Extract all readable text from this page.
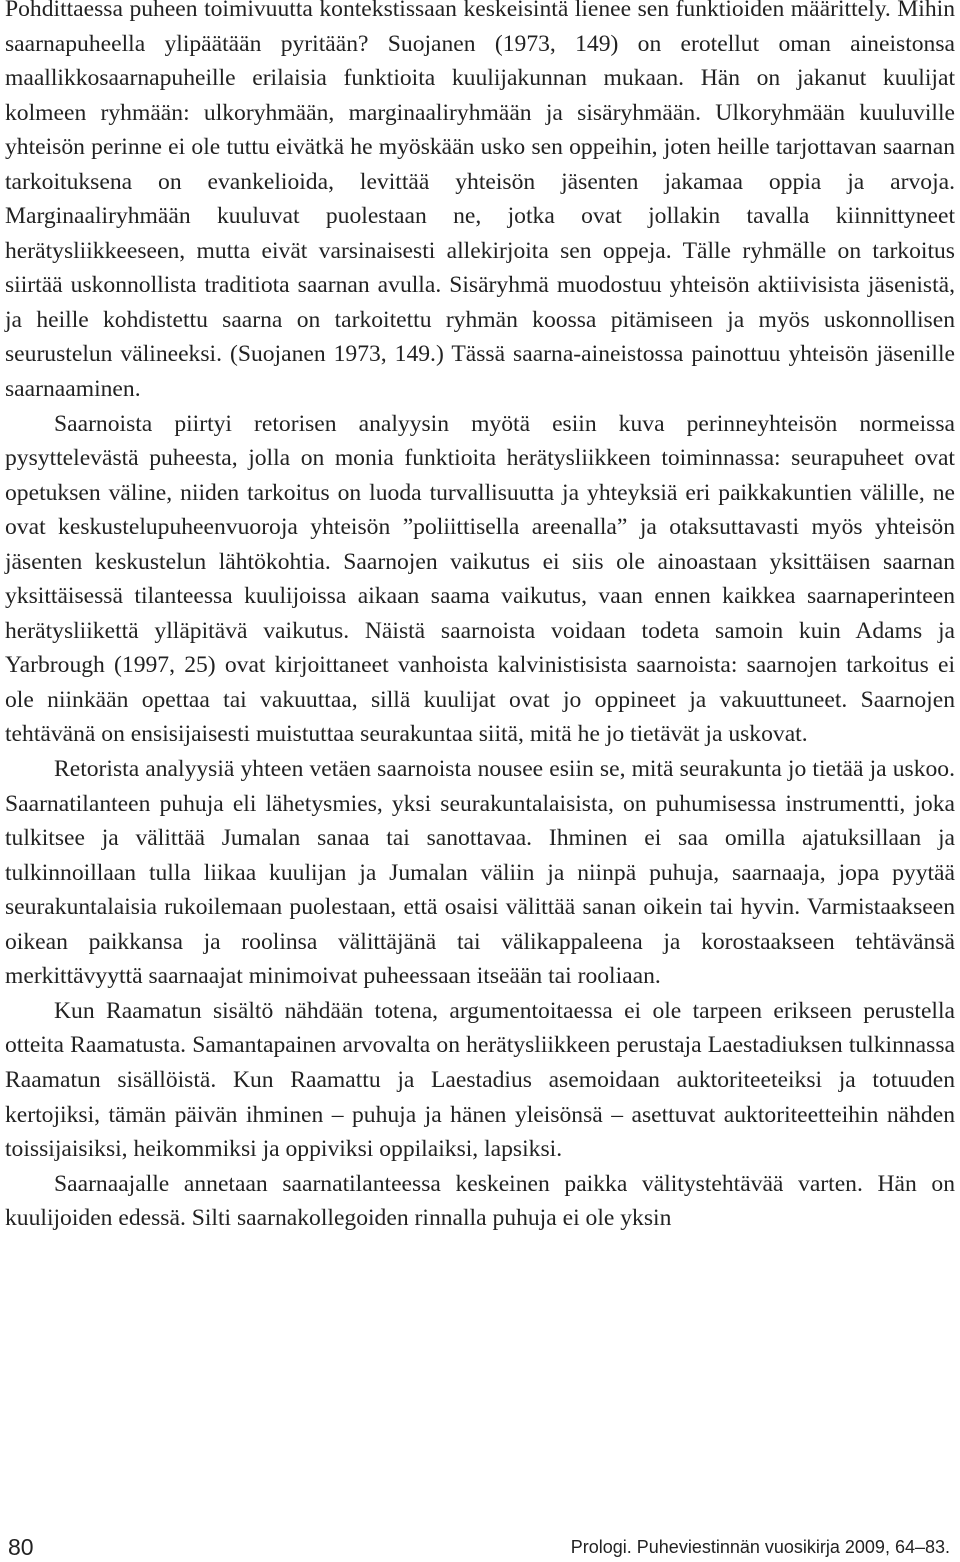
Pohdittaessa puheen toimivuutta kontekstissaan keskeisintä lienee sen funktioiden määrittely. Mihin saarnapuheella ylipäätään pyritään? Suojanen (1973, 149) on erotellut oman aineistonsa maallikkosaarnapuheille erilaisia funktioita kuulijakunnan mukaan. Hän on jakanut kuulijat kolmeen ryhmään: ulkoryhmään, marginaaliryhmään ja sisäryhmään. Ulkoryhmään kuuluville yhteisön perinne ei ole tuttu eivätkä he myöskään usko sen oppeihin, joten heille tarjottavan saarnan tarkoituksena on evankelioida, levittää yhteisön jäsenten jakamaa oppia ja arvoja. Marginaaliryhmään kuuluvat puolestaan ne, jotka ovat jollakin tavalla kiinnittyneet herätysliikkeeseen, mutta eivät varsinaisesti allekirjoita sen oppeja. Tälle ryhmälle on tarkoitus siirtää uskonnollista traditiota saarnan avulla. Sisäryhmä muodostuu yhteisön aktiivisista jäsenistä, ja heille kohdistettu saarna on tarkoitettu ryhmän koossa pitämiseen ja myös uskonnollisen seurustelun välineeksi. (Suojanen 1973, 149.) Tässä saarna-aineistossa painottuu yhteisön jäsenille saarnaaminen.

Saarnoista piirtyi retorisen analyysin myötä esiin kuva perinneyhteisön normeissa pysyttelevästä puheesta, jolla on monia funktioita herätysliikkeen toiminnassa: seurapuheet ovat opetuksen väline, niiden tarkoitus on luoda turvallisuutta ja yhteyksiä eri paikkakuntien välille, ne ovat keskustelupuheenvuoroja yhteisön ”poliittisella areenalla” ja otaksuttavasti myös yhteisön jäsenten keskustelun lähtökohtia. Saarnojen vaikutus ei siis ole ainoastaan yksittäisen saarnan yksittäisessä tilanteessa kuulijoissa aikaan saama vaikutus, vaan ennen kaikkea saarnaperinteen herätysliikettä ylläpitävä vaikutus. Näistä saarnoista voidaan todeta samoin kuin Adams ja Yarbrough (1997, 25) ovat kirjoittaneet vanhoista kalvinistisista saarnoista: saarnojen tarkoitus ei ole niinkään opettaa tai vakuuttaa, sillä kuulijat ovat jo oppineet ja vakuuttuneet. Saarnojen tehtävänä on ensisijaisesti muistuttaa seurakuntaa siitä, mitä he jo tietävät ja uskovat.

Retorista analyysiä yhteen vetäen saarnoista nousee esiin se, mitä seurakunta jo tietää ja uskoo. Saarnatilanteen puhuja eli lähetysmies, yksi seurakuntalaisista, on puhumisessa instrumentti, joka tulkitsee ja välittää Jumalan sanaa tai sanottavaa. Ihminen ei saa omilla ajatuksillaan ja tulkinnoillaan tulla liikaa kuulijan ja Jumalan väliin ja niinpä puhuja, saarnaaja, jopa pyytää seurakuntalaisia rukoilemaan puolestaan, että osaisi välittää sanan oikein tai hyvin. Varmistaakseen oikean paikkansa ja roolinsa välittäjänä tai välikappaleena ja korostaakseen tehtävänsä merkittävyyttä saarnaajat minimoivat puheessaan itseään tai rooliaan.

Kun Raamatun sisältö nähdään totena, argumentoitaessa ei ole tarpeen erikseen perustella otteita Raamatusta. Samantapainen arvovalta on herätysliikkeen perustaja Laestadiuksen tulkinnassa Raamatun sisällöistä. Kun Raamattu ja Laestadius asemoidaan auktoriteeteiksi ja totuuden kertojiksi, tämän päivän ihminen – puhuja ja hänen yleisönsä – asettuvat auktoriteetteihin nähden toissijaisiksi, heikommiksi ja oppiviksi oppilaiksi, lapsiksi.

Saarnaajalle annetaan saarnatilanteessa keskeinen paikka välitystehtävää varten. Hän on kuulijoiden edessä. Silti saarnakollegoiden rinnalla puhuja ei ole yksin

80	Prologi. Puheviestinnän vuosikirja 2009, 64–83.
